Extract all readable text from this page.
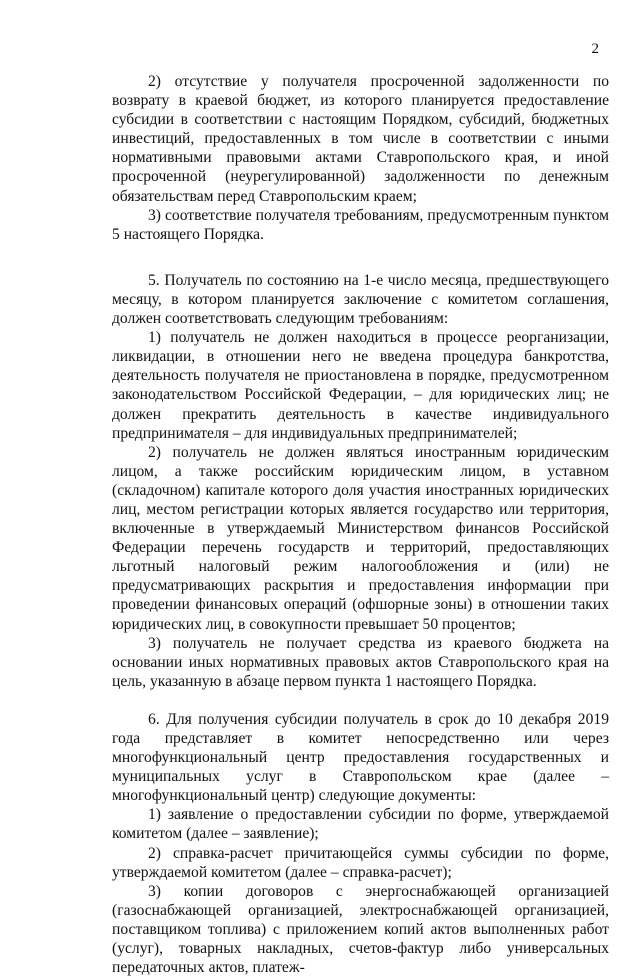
2

2) отсутствие у получателя просроченной задолженности по возврату в краевой бюджет, из которого планируется предоставление субсидии в соответствии с настоящим Порядком, субсидий, бюджетных инвестиций, предоставленных в том числе в соответствии с иными нормативными правовыми актами Ставропольского края, и иной просроченной (неурегулированной) задолженности по денежным обязательствам перед Ставропольским краем;

3) соответствие получателя требованиям, предусмотренным пунктом 5 настоящего Порядка.

5. Получатель по состоянию на 1-е число месяца, предшествующего месяцу, в котором планируется заключение с комитетом соглашения, должен соответствовать следующим требованиям:

1) получатель не должен находиться в процессе реорганизации, ликвидации, в отношении него не введена процедура банкротства, деятельность получателя не приостановлена в порядке, предусмотренном законодательством Российской Федерации, – для юридических лиц; не должен прекратить деятельность в качестве индивидуального предпринимателя – для индивидуальных предпринимателей;

2) получатель не должен являться иностранным юридическим лицом, а также российским юридическим лицом, в уставном (складочном) капитале которого доля участия иностранных юридических лиц, местом регистрации которых является государство или территория, включенные в утверждаемый Министерством финансов Российской Федерации перечень государств и территорий, предоставляющих льготный налоговый режим налогообложения и (или) не предусматривающих раскрытия и предоставления информации при проведении финансовых операций (офшорные зоны) в отношении таких юридических лиц, в совокупности превышает 50 процентов;

3) получатель не получает средства из краевого бюджета на основании иных нормативных правовых актов Ставропольского края на цель, указанную в абзаце первом пункта 1 настоящего Порядка.

6. Для получения субсидии получатель в срок до 10 декабря 2019 года представляет в комитет непосредственно или через многофункциональный центр предоставления государственных и муниципальных услуг в Ставропольском крае (далее – многофункциональный центр) следующие документы:

1) заявление о предоставлении субсидии по форме, утверждаемой комитетом (далее – заявление);

2) справка-расчет причитающейся суммы субсидии по форме, утверждаемой комитетом (далее – справка-расчет);

3) копии договоров с энергоснабжающей организацией (газоснабжающей организацией, электроснабжающей организацией, поставщиком топлива) с приложением копий актов выполненных работ (услуг), товарных накладных, счетов-фактур либо универсальных передаточных актов, платеж-
